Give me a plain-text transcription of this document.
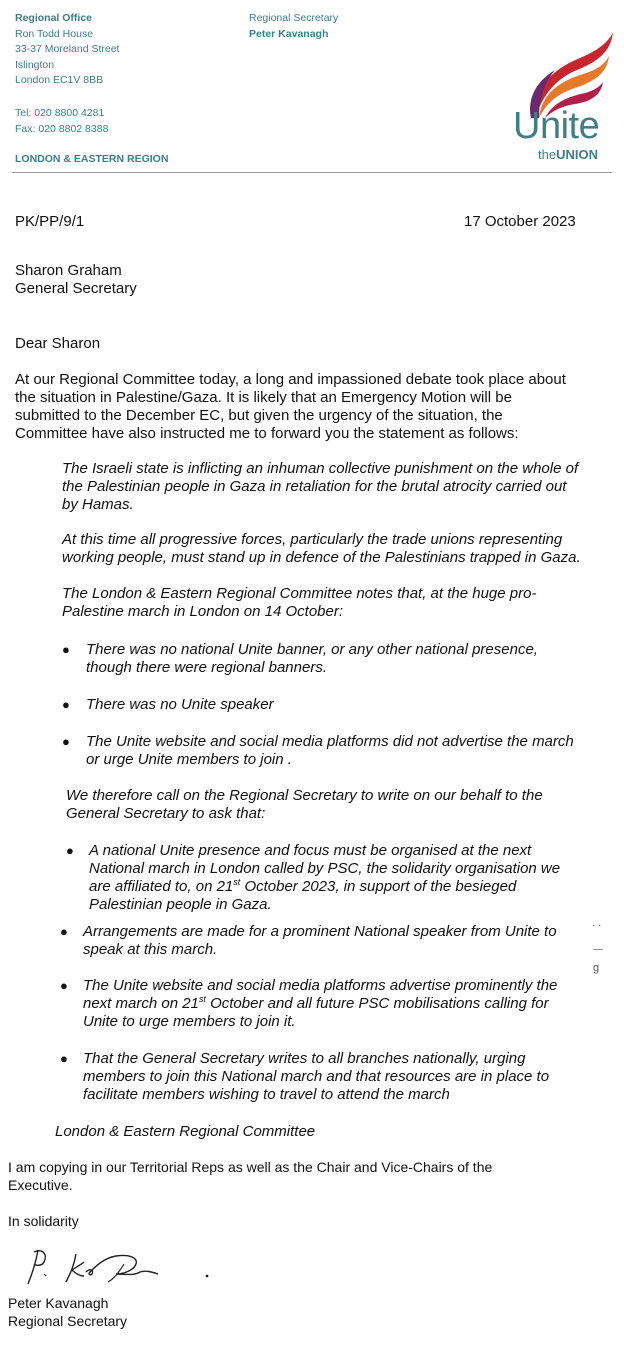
Regional Office
Ron Todd House
33-37 Moreland Street
Islington
London EC1V 8BB
Tel: 020 8800 4281
Fax: 020 8802 8388
LONDON & EASTERN REGION
Regional Secretary
Peter Kavanagh
Unite
theUNION
PK/PP/9/1	17 October 2023
Sharon Graham
General Secretary
Dear Sharon
At our Regional Committee today, a long and impassioned debate took place about
the situation in Palestine/Gaza. It is likely that an Emergency Motion will be
submitted to the December EC, but given the urgency of the situation, the
Committee have also instructed me to forward you the statement as follows:
The Israeli state is inflicting an inhuman collective punishment on the whole of
the Palestinian people in Gaza in retaliation for the brutal atrocity carried out
by Hamas.
At this time all progressive forces, particularly the trade unions representing
working people, must stand up in defence of the Palestinians trapped in Gaza.
The London & Eastern Regional Committee notes that, at the huge pro-
Palestine march in London on 14 October:
● There was no national Unite banner, or any other national presence,
though there were regional banners.
● There was no Unite speaker
● The Unite website and social media platforms did not advertise the march
or urge Unite members to join .
We therefore call on the Regional Secretary to write on our behalf to the
General Secretary to ask that:
● A national Unite presence and focus must be organised at the next
National march in London called by PSC, the solidarity organisation we
are affiliated to, on 21st October 2023, in support of the besieged
Palestinian people in Gaza.
● Arrangements are made for a prominent National speaker from Unite to
speak at this march.
● The Unite website and social media platforms advertise prominently the
next march on 21st October and all future PSC mobilisations calling for
Unite to urge members to join it.
● That the General Secretary writes to all branches nationally, urging
members to join this National march and that resources are in place to
facilitate members wishing to travel to attend the march
· ·
—
g
London & Eastern Regional Committee
I am copying in our Territorial Reps as well as the Chair and Vice-Chairs of the
Executive.
In solidarity
Peter Kavanagh
Regional Secretary
